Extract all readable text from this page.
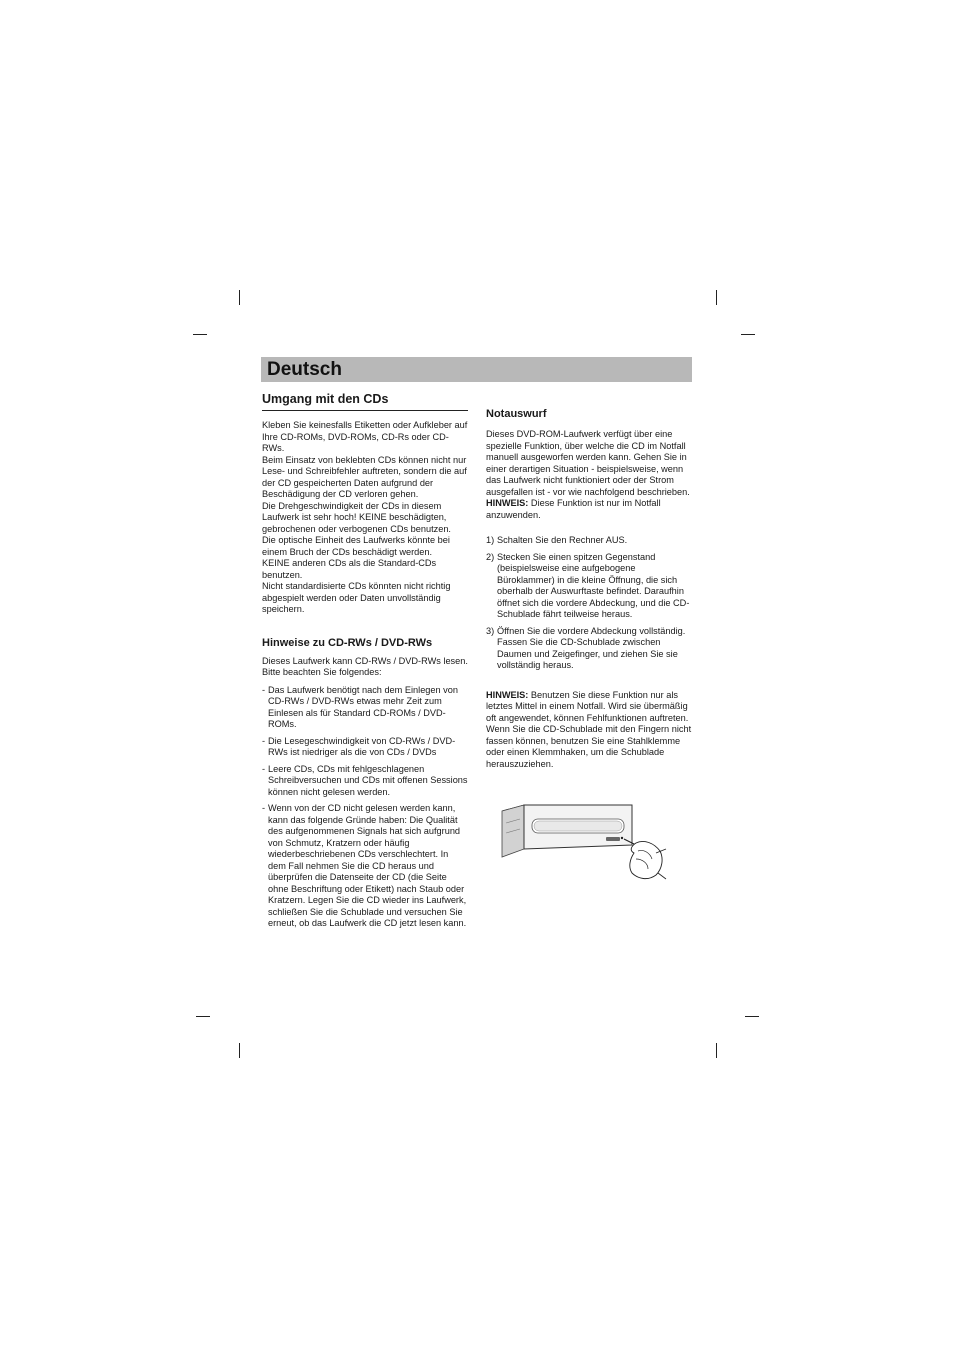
Deutsch
Umgang mit den CDs

Kleben Sie keinesfalls Etiketten oder Aufkleber auf Ihre CD-ROMs, DVD-ROMs, CD-Rs oder CD-RWs.

Beim Einsatz von beklebten CDs können nicht nur Lese- und Schreibfehler auftreten, sondern die auf der CD gespeicherten Daten aufgrund der Beschädigung der CD verloren gehen.

Die Drehgeschwindigkeit der CDs in diesem Laufwerk ist sehr hoch! KEINE beschädigten, gebrochenen oder verbogenen CDs benutzen.

Die optische Einheit des Laufwerks könnte bei einem Bruch der CDs beschädigt werden.

KEINE anderen CDs als die Standard-CDs benutzen.

Nicht standardisierte CDs könnten nicht richtig abgespielt werden oder Daten unvollständig speichern.

Hinweise zu CD-RWs / DVD-RWs

Dieses Laufwerk kann CD-RWs / DVD-RWs lesen. Bitte beachten Sie folgendes:

- Das Laufwerk benötigt nach dem Einlegen von CD-RWs / DVD-RWs etwas mehr Zeit zum Einlesen als für Standard CD-ROMs / DVD-ROMs.
- Die Lesegeschwindigkeit von CD-RWs / DVD-RWs ist niedriger als die von CDs / DVDs
- Leere CDs, CDs mit fehlgeschlagenen Schreibversuchen und CDs mit offenen Sessions können nicht gelesen werden.
- Wenn von der CD nicht gelesen werden kann, kann das folgende Gründe haben: Die Qualität des aufgenommenen Signals hat sich aufgrund von Schmutz, Kratzern oder häufig wiederbeschriebenen CDs verschlechtert. In dem Fall nehmen Sie die CD heraus und überprüfen die Datenseite der CD (die Seite ohne Beschriftung oder Etikett) nach Staub oder Kratzern. Legen Sie die CD wieder ins Laufwerk, schließen Sie die Schublade und versuchen Sie erneut, ob das Laufwerk die CD jetzt lesen kann.
Notauswurf

Dieses DVD-ROM-Laufwerk verfügt über eine spezielle Funktion, über welche die CD im Notfall manuell ausgeworfen werden kann. Gehen Sie in einer derartigen Situation - beispielsweise, wenn das Laufwerk nicht funktioniert oder der Strom ausgefallen ist - vor wie nachfolgend beschrieben.

HINWEIS: Diese Funktion ist nur im Notfall anzuwenden.

1) Schalten Sie den Rechner AUS.
2) Stecken Sie einen spitzen Gegenstand (beispielsweise eine aufgebogene Büroklammer) in die kleine Öffnung, die sich oberhalb der Auswurftaste befindet. Daraufhin öffnet sich die vordere Abdeckung, und die CD-Schublade fährt teilweise heraus.
3) Öffnen Sie die vordere Abdeckung vollständig. Fassen Sie die CD-Schublade zwischen Daumen und Zeigefinger, und ziehen Sie sie vollständig heraus.

HINWEIS: Benutzen Sie diese Funktion nur als letztes Mittel in einem Notfall. Wird sie übermäßig oft angewendet, können Fehlfunktionen auftreten. Wenn Sie die CD-Schublade mit den Fingern nicht fassen können, benutzen Sie eine Stahlklemme oder einen Klemmhaken, um die Schublade herauszuziehen.
